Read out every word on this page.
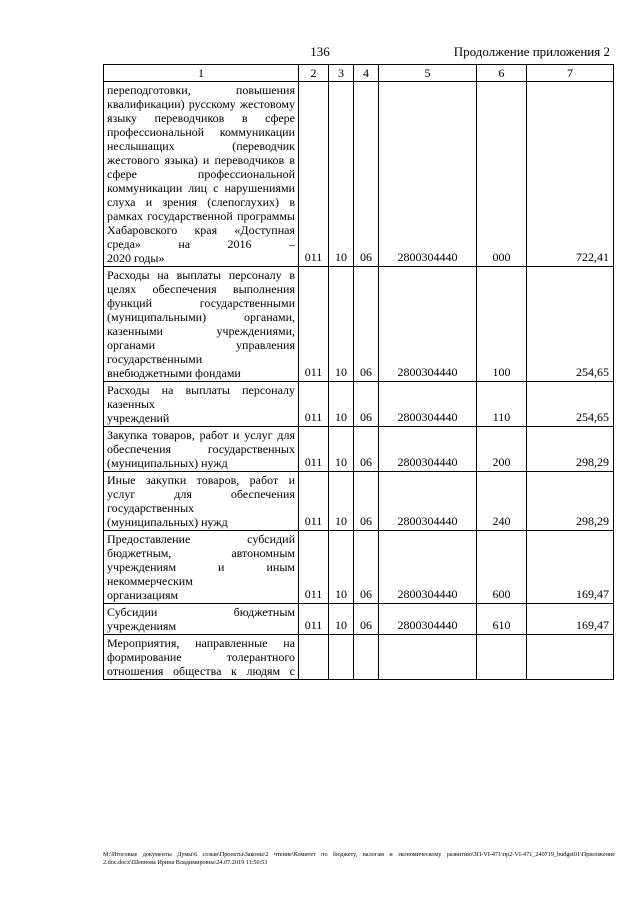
136	Продолжение приложения 2
1	2	3	4	5	6	7
переподготовки, повышения квалификации) русскому жестовому языку переводчиков в сфере профессиональной коммуникации неслышащих (переводчик жестового языка) и переводчиков в сфере профессиональной коммуникации лиц с нарушениями слуха и зрения (слепоглухих) в рамках государственной программы Хабаровского края «Доступная среда» на 2016 –
2020 годы»	011	10	06	2800304440	000	722,41
Расходы на выплаты персоналу в целях обеспечения выполнения функций государственными (муниципальными) органами, казенными учреждениями, органами управления государственными
внебюджетными фондами	011	10	06	2800304440	100	254,65
Расходы на выплаты персоналу казенных
учреждений	011	10	06	2800304440	110	254,65
Закупка товаров, работ и услуг для обеспечения государственных
(муниципальных) нужд	011	10	06	2800304440	200	298,29
Иные закупки товаров, работ и услуг для обеспечения государственных
(муниципальных) нужд	011	10	06	2800304440	240	298,29
Предоставление субсидий бюджетным, автономным учреждениям и иным некоммерческим
организациям	011	10	06	2800304440	600	169,47
Субсидии бюджетным
учреждениям	011	10	06	2800304440	610	169,47
Мероприятия, направленные на формирование толерантного отношения общества к людям с

M:\Итоговые документы Думы\6 созыв\Проекты\Законы\2 чтение\Комитет по бюджету, налогам и экономическому развитию\ЗП-VI-471\пр2-VI-471_240719_budget01\Приложение 2.doc.docx\Шевнова Ирина Владимировна\24.07.2019 11:50:53
